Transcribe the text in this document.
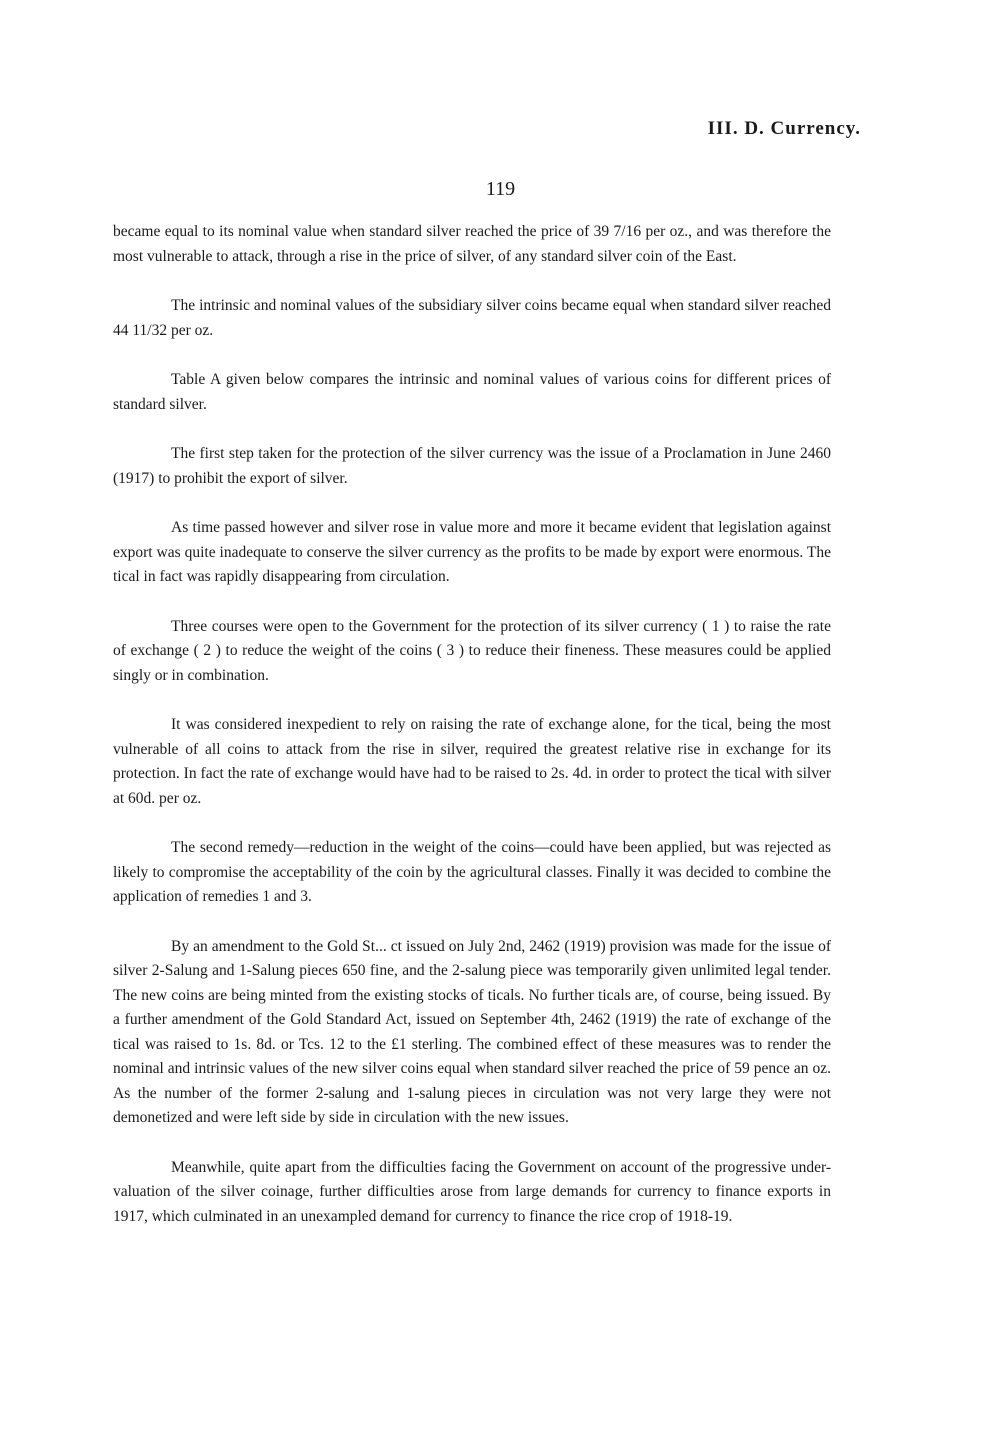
III. D. Currency.
119

became equal to its nominal value when standard silver reached the price of 39 7/16 per oz., and was therefore the most vulnerable to attack, through a rise in the price of silver, of any standard silver coin of the East.

The intrinsic and nominal values of the subsidiary silver coins became equal when standard silver reached 44 11/32 per oz.

Table A given below compares the intrinsic and nominal values of various coins for different prices of standard silver.

The first step taken for the protection of the silver currency was the issue of a Proclamation in June 2460 (1917) to prohibit the export of silver.

As time passed however and silver rose in value more and more it became evident that legislation against export was quite inadequate to conserve the silver currency as the profits to be made by export were enormous. The tical in fact was rapidly disappearing from circulation.

Three courses were open to the Government for the protection of its silver currency ( 1 ) to raise the rate of exchange ( 2 ) to reduce the weight of the coins ( 3 ) to reduce their fineness. These measures could be applied singly or in combination.

It was considered inexpedient to rely on raising the rate of exchange alone, for the tical, being the most vulnerable of all coins to attack from the rise in silver, required the greatest relative rise in exchange for its protection. In fact the rate of exchange would have had to be raised to 2s. 4d. in order to protect the tical with silver at 60d. per oz.

The second remedy—reduction in the weight of the coins—could have been applied, but was rejected as likely to compromise the acceptability of the coin by the agricultural classes. Finally it was decided to combine the application of remedies 1 and 3.

By an amendment to the Gold St... ct issued on July 2nd, 2462 (1919) provision was made for the issue of silver 2-Salung and 1-Salung pieces 650 fine, and the 2-salung piece was temporarily given unlimited legal tender. The new coins are being minted from the existing stocks of ticals. No further ticals are, of course, being issued. By a further amendment of the Gold Standard Act, issued on September 4th, 2462 (1919) the rate of exchange of the tical was raised to 1s. 8d. or Tcs. 12 to the £1 sterling. The combined effect of these measures was to render the nominal and intrinsic values of the new silver coins equal when standard silver reached the price of 59 pence an oz. As the number of the former 2-salung and 1-salung pieces in circulation was not very large they were not demonetized and were left side by side in circulation with the new issues.

Meanwhile, quite apart from the difficulties facing the Government on account of the progressive under-valuation of the silver coinage, further difficulties arose from large demands for currency to finance exports in 1917, which culminated in an unexampled demand for currency to finance the rice crop of 1918-19.
